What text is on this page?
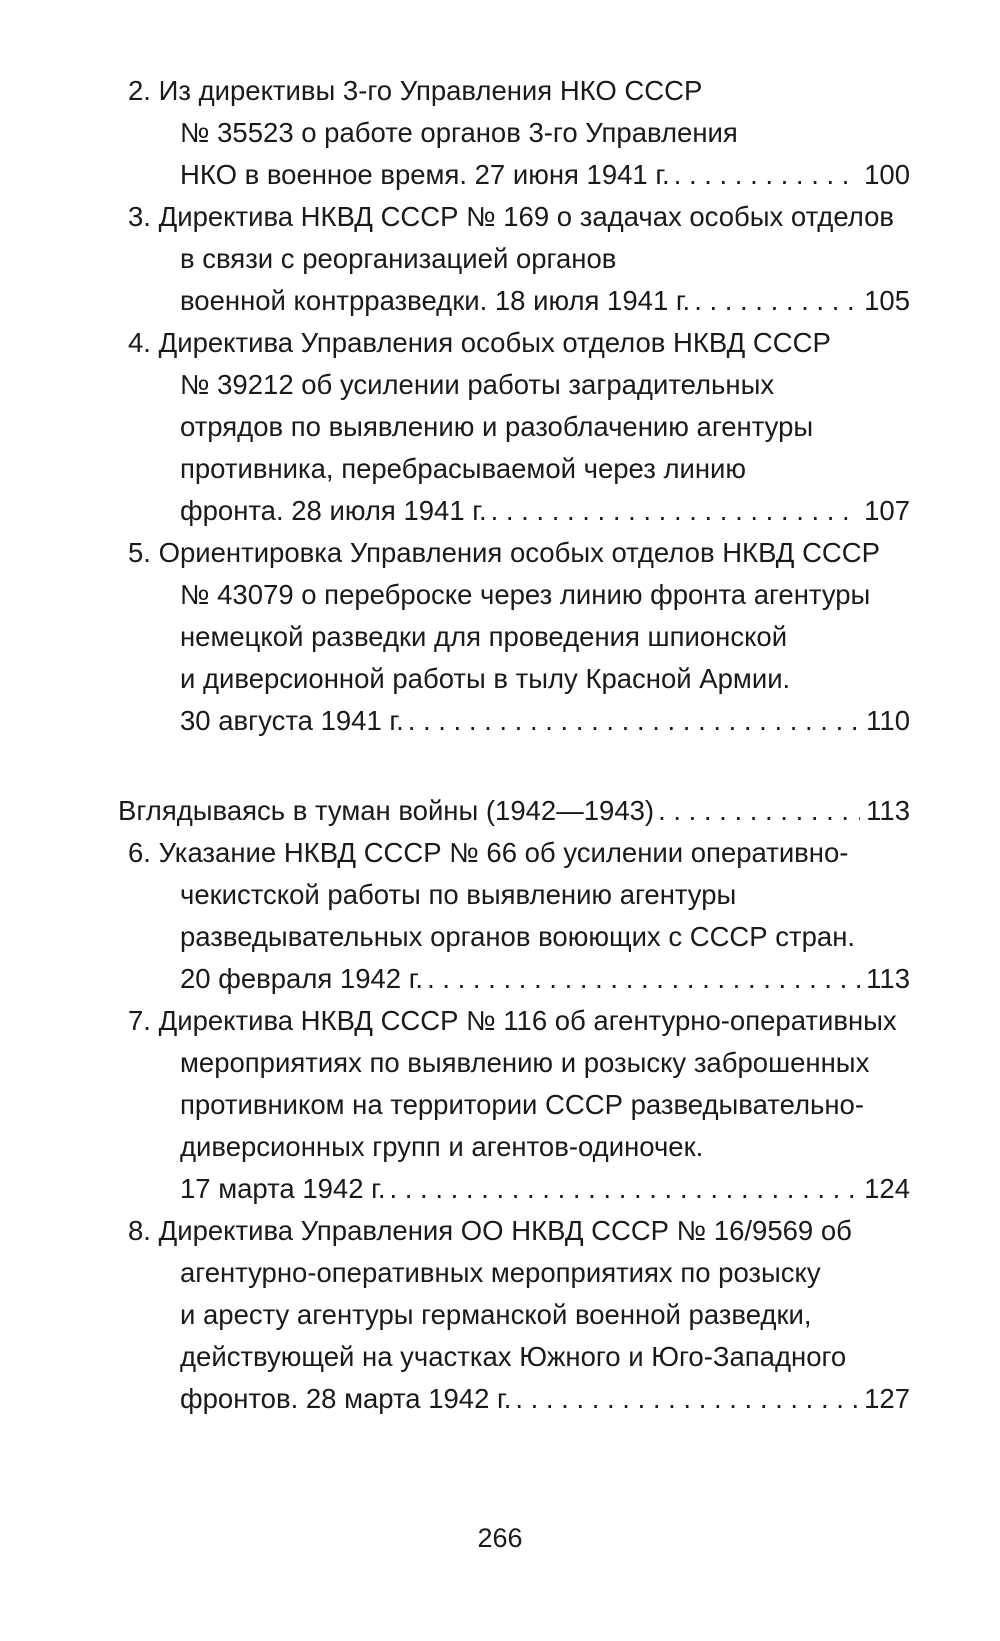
2. Из директивы 3-го Управления НКО СССР
№ 35523 о работе органов 3-го Управления
НКО в военное время. 27 июня 1941 г. . . .	100
3. Директива НКВД СССР № 169 о задачах особых отделов
в связи с реорганизацией органов
военной контрразведки. 18 июля 1941 г. . . .	105
4. Директива Управления особых отделов НКВД СССР
№ 39212 об усилении работы заградительных
отрядов по выявлению и разоблачению агентуры
противника, перебрасываемой через линию
фронта. 28 июля 1941 г. . . .	107
5. Ориентировка Управления особых отделов НКВД СССР
№ 43079 о переброске через линию фронта агентуры
немецкой разведки для проведения шпионской
и диверсионной работы в тылу Красной Армии.
30 августа 1941 г. . . .	110
Вглядываясь в туман войны (1942—1943) . . .	113
6. Указание НКВД СССР № 66 об усилении оперативно-
чекистской работы по выявлению агентуры
разведывательных органов воюющих с СССР стран.
20 февраля 1942 г. . . .	113
7. Директива НКВД СССР № 116 об агентурно-оперативных
мероприятиях по выявлению и розыску заброшенных
противником на территории СССР разведывательно-
диверсионных групп и агентов-одиночек.
17 марта 1942 г. . . .	124
8. Директива Управления ОО НКВД СССР № 16/9569 об
агентурно-оперативных мероприятиях по розыску
и аресту агентуры германской военной разведки,
действующей на участках Южного и Юго-Западного
фронтов. 28 марта 1942 г. . . .	127
266
